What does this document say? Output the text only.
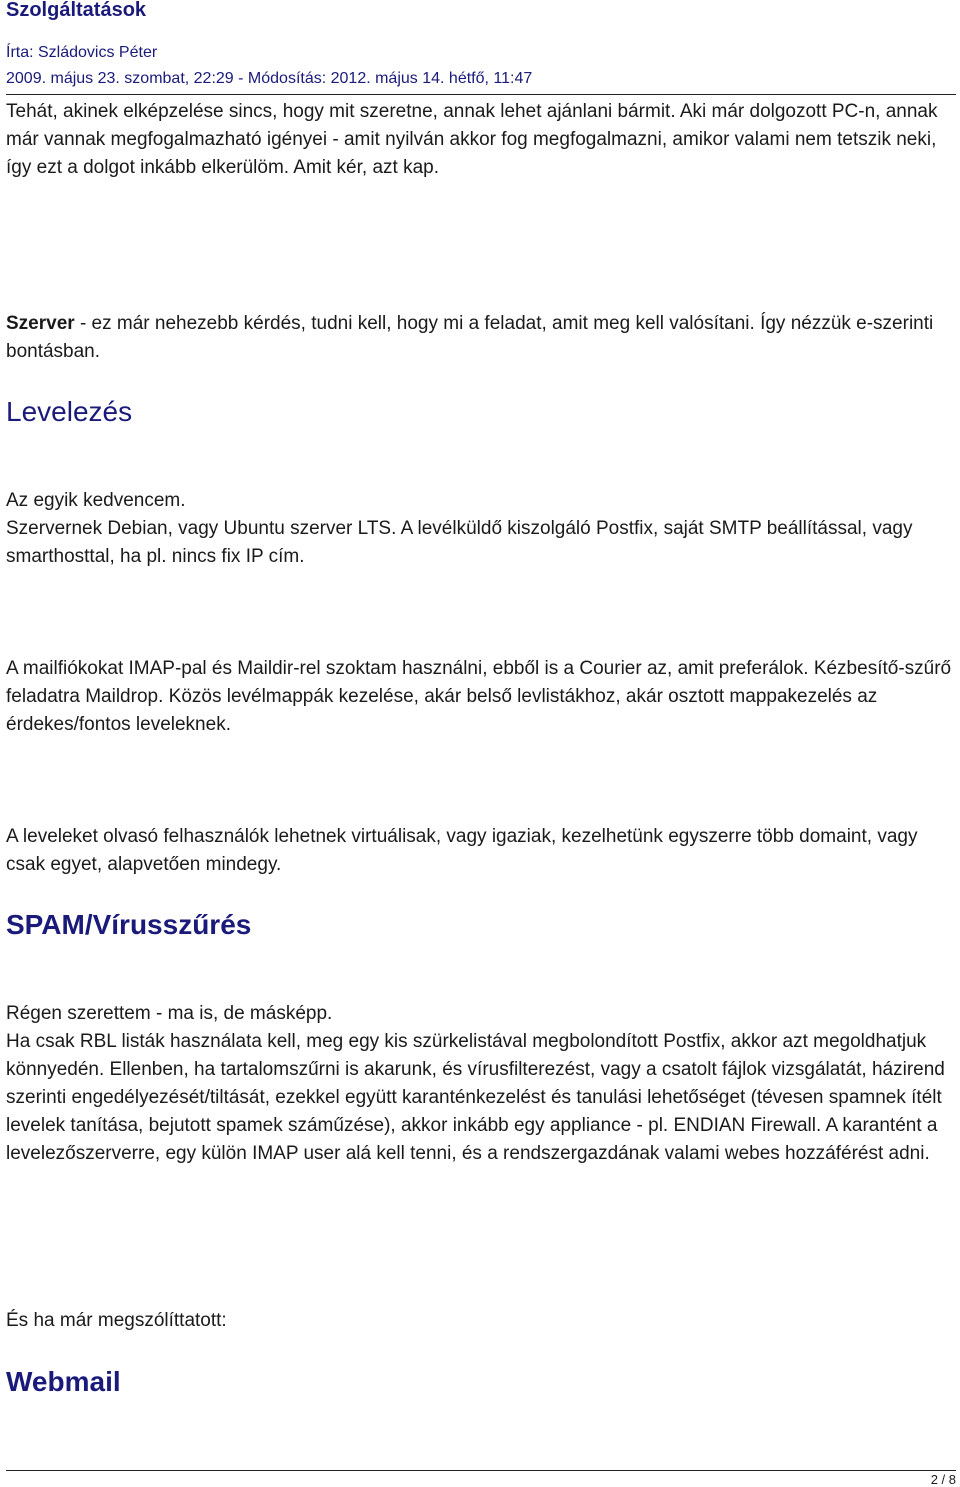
Szolgáltatások
Írta: Szládovics Péter
2009. május 23. szombat, 22:29 - Módosítás: 2012. május 14. hétfő, 11:47

Tehát, akinek elképzelése sincs, hogy mit szeretne, annak lehet ajánlani bármit. Aki már dolgozott PC-n, annak már vannak megfogalmazható igényei - amit nyilván akkor fog megfogalmazni, amikor valami nem tetszik neki, így ezt a dolgot inkább elkerülöm. Amit kér, azt kap.

Szerver - ez már nehezebb kérdés, tudni kell, hogy mi a feladat, amit meg kell valósítani. Így nézzük e-szerinti bontásban.

Levelezés

Az egyik kedvencem.
Szervernek Debian, vagy Ubuntu szerver LTS. A levélküldő kiszolgáló Postfix, saját SMTP beállítással, vagy smarthosttal, ha pl. nincs fix IP cím.

A mailfiókokat IMAP-pal és Maildir-rel szoktam használni, ebből is a Courier az, amit preferálok. Kézbesítő-szűrő feladatra Maildrop. Közös levélmappák kezelése, akár belső levlistákhoz, akár osztott mappakezelés az érdekes/fontos leveleknek.

A leveleket olvasó felhasználók lehetnek virtuálisak, vagy igaziak, kezelhetünk egyszerre több domaint, vagy csak egyet, alapvetően mindegy.

SPAM/Vírusszűrés

Régen szerettem - ma is, de másképp.
Ha csak RBL listák használata kell, meg egy kis szürkelistával megbolondított Postfix, akkor azt megoldhatjuk könnyedén. Ellenben, ha tartalomszűrni is akarunk, és vírusfilterezést, vagy a csatolt fájlok vizsgálatát, házirend szerinti engedélyezését/tiltását, ezekkel együtt karanténkezelést és tanulási lehetőséget (tévesen spamnek ítélt levelek tanítása, bejutott spamek száműzése), akkor inkább egy appliance - pl. ENDIAN Firewall. A karantént a levelezőszerverre, egy külön IMAP user alá kell tenni, és a rendszergazdának valami webes hozzáférést adni.

És ha már megszólíttatott:

Webmail
2 / 8
